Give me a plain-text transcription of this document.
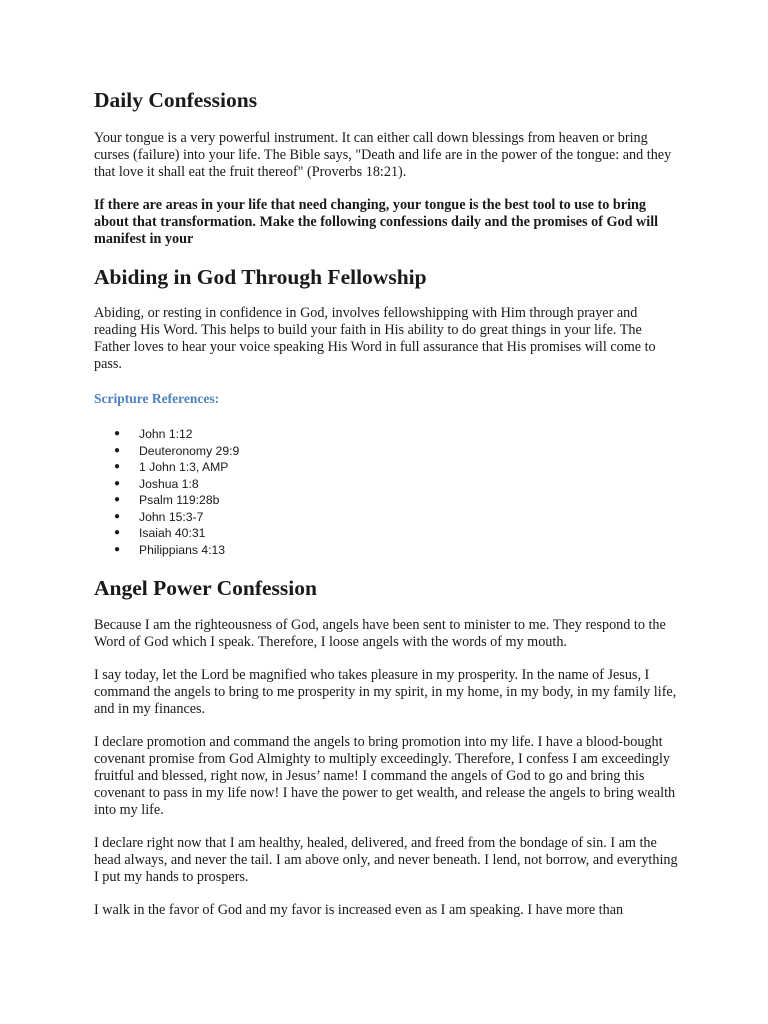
Daily Confessions

Your tongue is a very powerful instrument. It can either call down blessings from heaven or bring curses (failure) into your life. The Bible says, "Death and life are in the power of the tongue: and they that love it shall eat the fruit thereof" (Proverbs 18:21).

If there are areas in your life that need changing, your tongue is the best tool to use to bring about that transformation. Make the following confessions daily and the promises of God will manifest in your

Abiding in God Through Fellowship

Abiding, or resting in confidence in God, involves fellowshipping with Him through prayer and reading His Word. This helps to build your faith in His ability to do great things in your life. The Father loves to hear your voice speaking His Word in full assurance that His promises will come to pass.

Scripture References:
● John 1:12
● Deuteronomy 29:9
● 1 John 1:3, AMP
● Joshua 1:8
● Psalm 119:28b
● John 15:3-7
● Isaiah 40:31
● Philippians 4:13
Angel Power Confession

Because I am the righteousness of God, angels have been sent to minister to me. They respond to the Word of God which I speak. Therefore, I loose angels with the words of my mouth.

I say today, let the Lord be magnified who takes pleasure in my prosperity. In the name of Jesus, I command the angels to bring to me prosperity in my spirit, in my home, in my body, in my family life, and in my finances.

I declare promotion and command the angels to bring promotion into my life. I have a blood-bought covenant promise from God Almighty to multiply exceedingly. Therefore, I confess I am exceedingly fruitful and blessed, right now, in Jesus’ name! I command the angels of God to go and bring this covenant to pass in my life now! I have the power to get wealth, and release the angels to bring wealth into my life.

I declare right now that I am healthy, healed, delivered, and freed from the bondage of sin. I am the head always, and never the tail. I am above only, and never beneath. I lend, not borrow, and everything I put my hands to prospers.

I walk in the favor of God and my favor is increased even as I am speaking. I have more than
